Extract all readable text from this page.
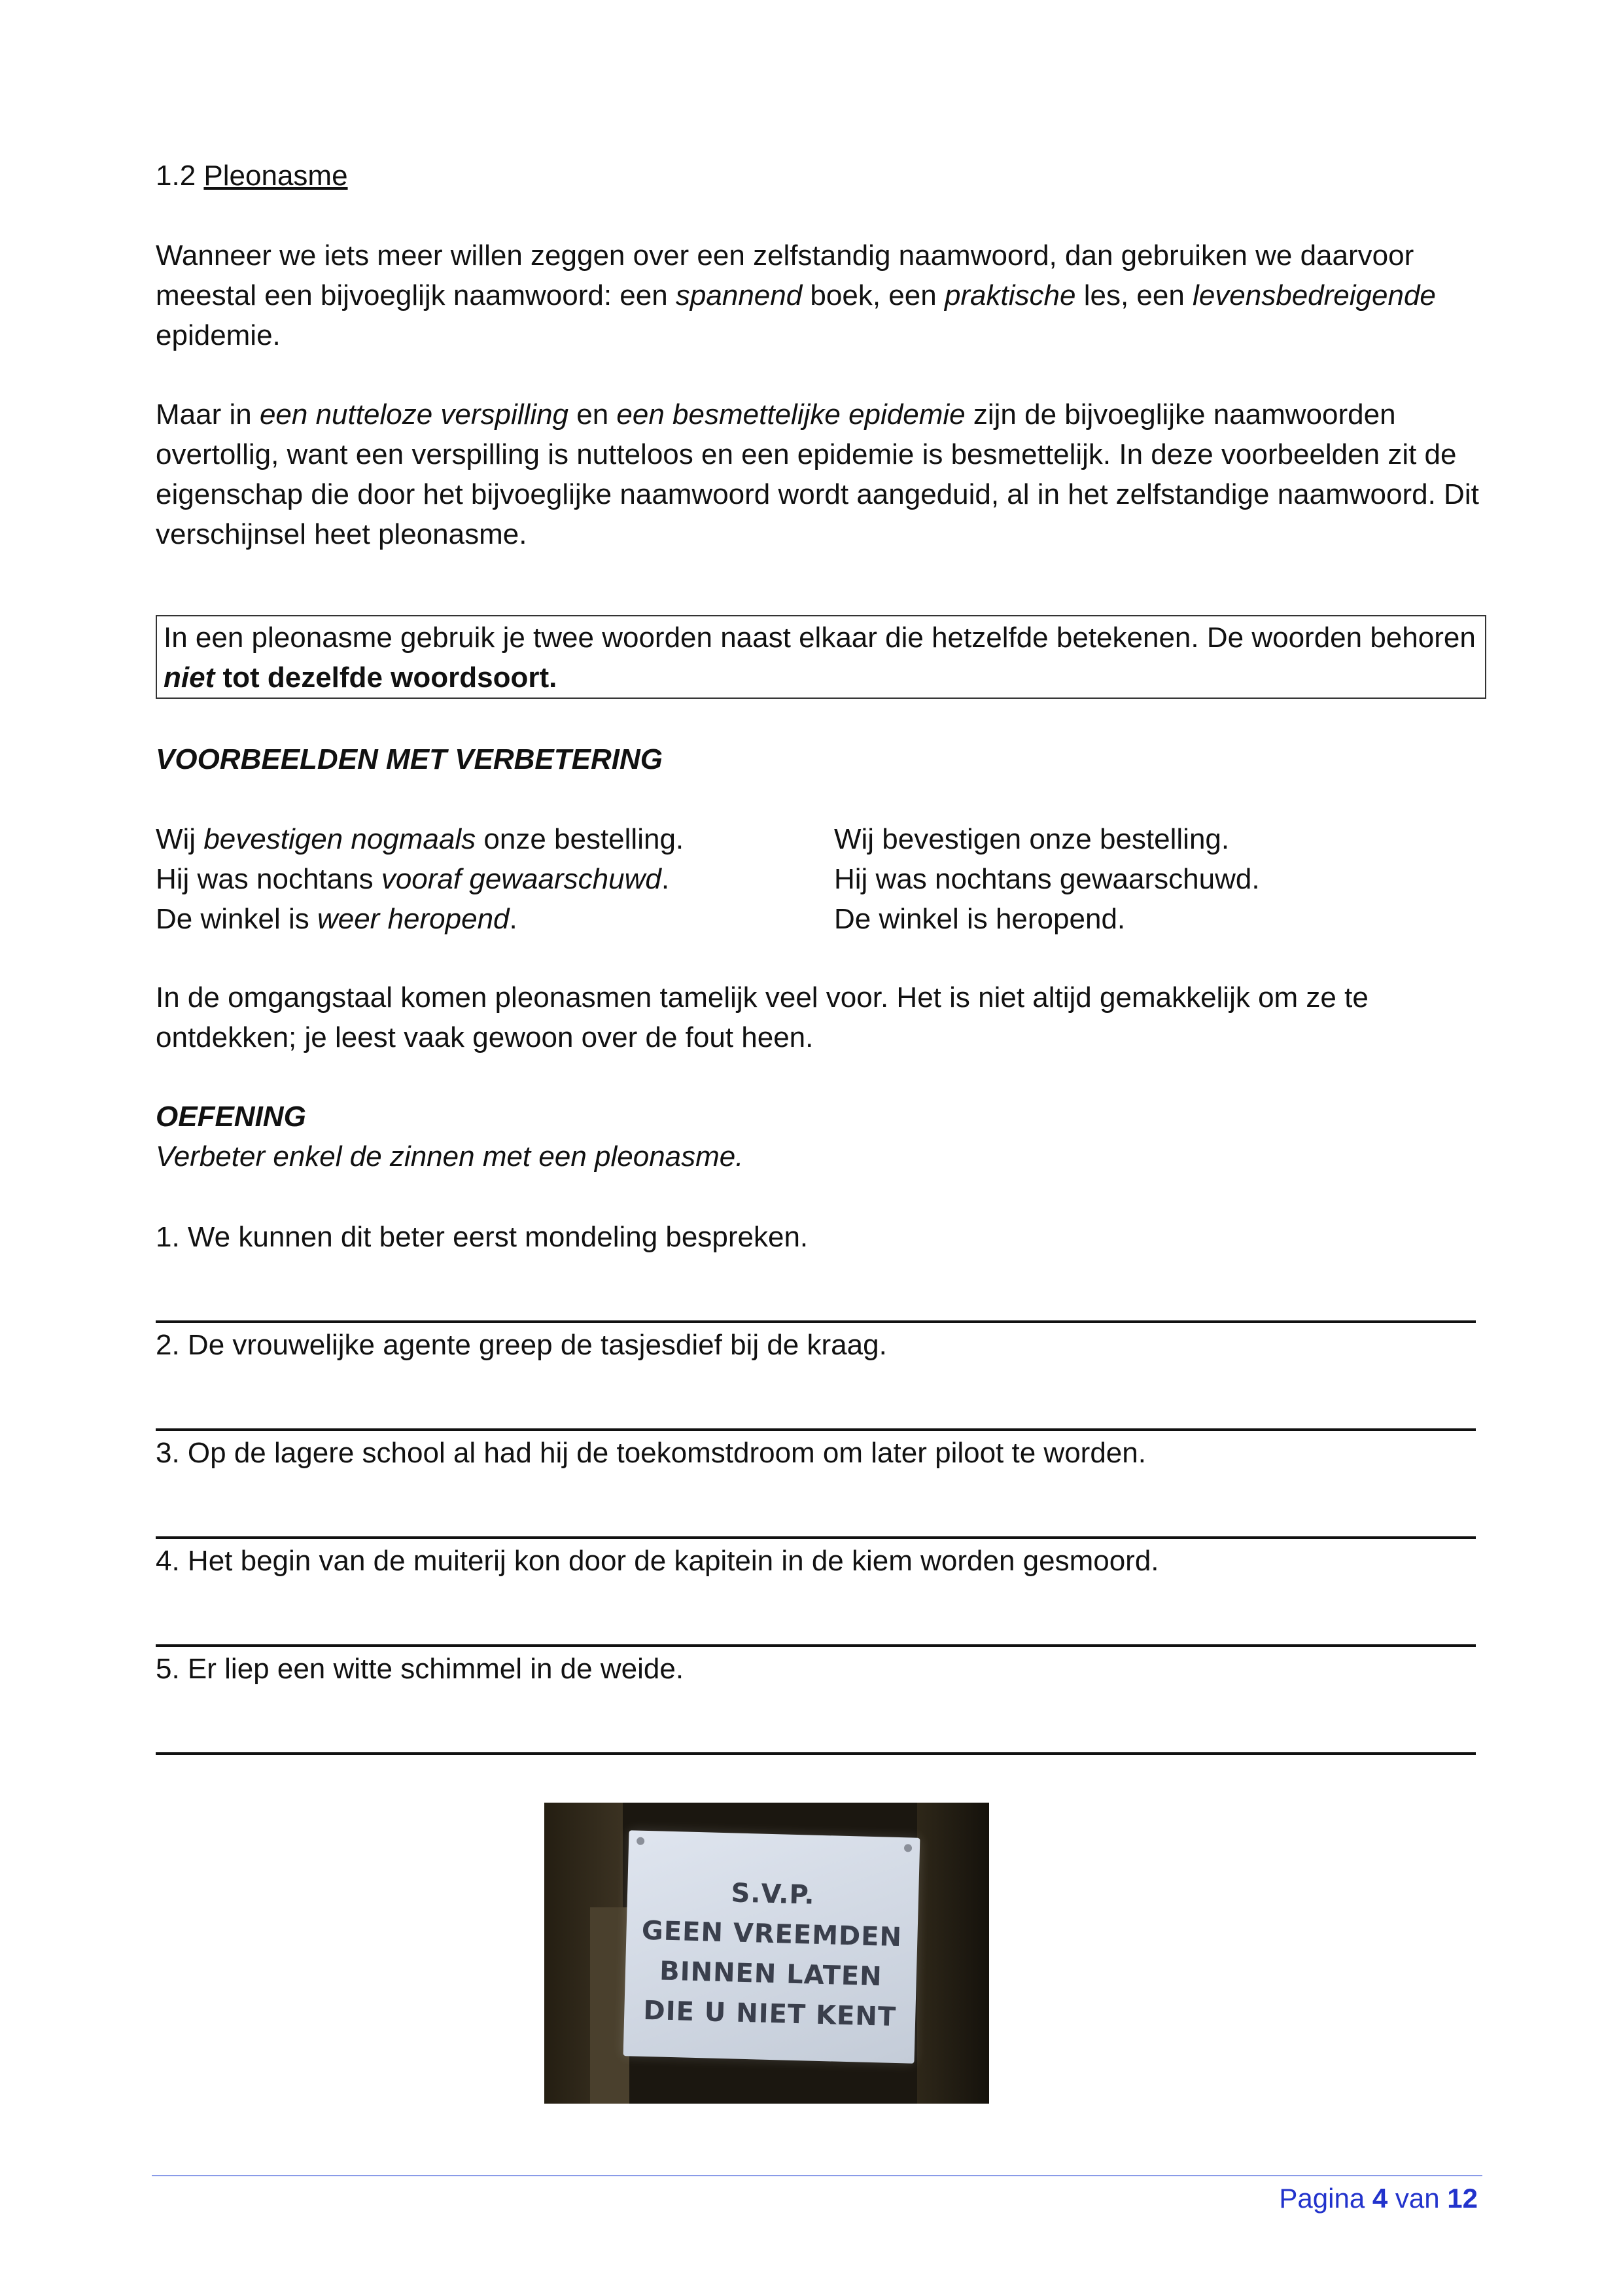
1.2 Pleonasme

Wanneer we iets meer willen zeggen over een zelfstandig naamwoord, dan gebruiken we daarvoor meestal een bijvoeglijk naamwoord: een spannend boek, een praktische les, een levensbedreigende epidemie.

Maar in een nutteloze verspilling en een besmettelijke epidemie zijn de bijvoeglijke naamwoorden overtollig, want een verspilling is nutteloos en een epidemie is besmettelijk. In deze voorbeelden zit de eigenschap die door het bijvoeglijke naamwoord wordt aangeduid, al in het zelfstandige naamwoord. Dit verschijnsel heet pleonasme.

In een pleonasme gebruik je twee woorden naast elkaar die hetzelfde betekenen. De woorden behoren niet tot dezelfde woordsoort.
VOORBEELDEN MET VERBETERING
Wij bevestigen nogmaals onze bestelling.
Hij was nochtans vooraf gewaarschuwd.
De winkel is weer heropend.
Wij bevestigen onze bestelling.
Hij was nochtans gewaarschuwd.
De winkel is heropend.

In de omgangstaal komen pleonasmen tamelijk veel voor. Het is niet altijd gemakkelijk om ze te ontdekken; je leest vaak gewoon over de fout heen.

OEFENING
Verbeter enkel de zinnen met een pleonasme.
1. We kunnen dit beter eerst mondeling bespreken.
2. De vrouwelijke agente greep de tasjesdief bij de kraag.
3. Op de lagere school al had hij de toekomstdroom om later piloot te worden.
4. Het begin van de muiterij kon door de kapitein in de kiem worden gesmoord.
5. Er liep een witte schimmel in de weide.
S.V.P.
GEEN VREEMDEN
BINNEN LATEN
DIE U NIET KENT
Pagina 4 van 12
